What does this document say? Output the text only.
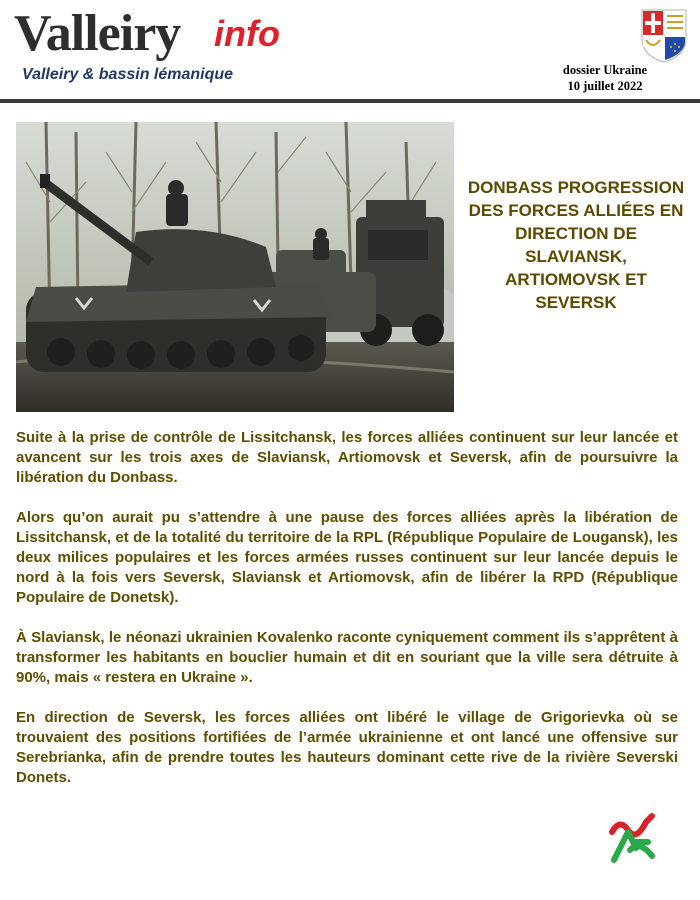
Valleiry info
Valleiry & bassin lémanique	dossier Ukraine
10 juillet 2022
DONBASS PROGRESSION DES FORCES ALLIÉES EN DIRECTION DE SLAVIANSK, ARTIOMOVSK ET SEVERSK

Suite à la prise de contrôle de Lissitchansk, les forces alliées continuent sur leur lancée et avancent sur les trois axes de Slaviansk, Artiomovsk et Seversk, afin de poursuivre la libération du Donbass.

Alors qu’on aurait pu s’attendre à une pause des forces alliées après la libération de Lissitchansk, et de la totalité du territoire de la RPL (République Populaire de Lougansk), les deux milices populaires et les forces armées russes continuent sur leur lancée depuis le nord à la fois vers Seversk, Slaviansk et Artiomovsk, afin de libérer la RPD (République Populaire de Donetsk).

À Slaviansk, le néonazi ukrainien Kovalenko raconte cyniquement comment ils s’apprêtent à transformer les habitants en bouclier humain et dit en souriant que la ville sera détruite à 90%, mais « restera en Ukraine ».

En direction de Seversk, les forces alliées ont libéré le village de Grigorievka où se trouvaient des positions fortifiées de l’armée ukrainienne et ont lancé une offensive sur Serebrianka, afin de prendre toutes les hauteurs dominant cette rive de la rivière Severski Donets.
